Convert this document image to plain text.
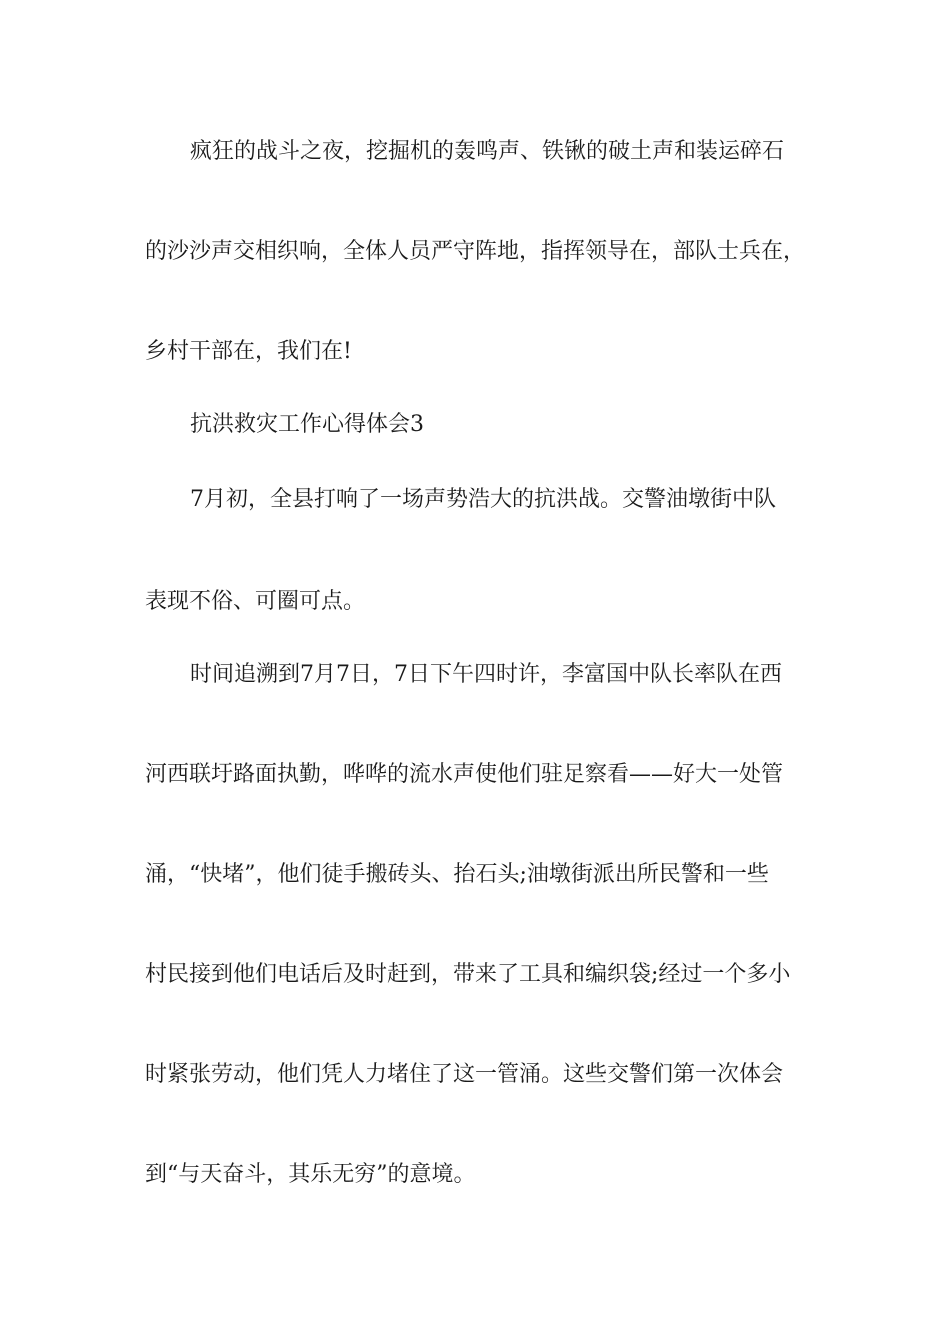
疯狂的战斗之夜，挖掘机的轰鸣声、铁锹的破土声和装运碎石
的沙沙声交相织响，全体人员严守阵地，指挥领导在，部队士兵在，
乡村干部在，我们在!
抗洪救灾工作心得体会3
7月初，全县打响了一场声势浩大的抗洪战。交警油墩街中队
表现不俗、可圈可点。
时间追溯到7月7日，7日下午四时许，李富国中队长率队在西
河西联圩路面执勤，哗哗的流水声使他们驻足察看——好大一处管
涌，“快堵”，他们徒手搬砖头、抬石头;油墩街派出所民警和一些
村民接到他们电话后及时赶到，带来了工具和编织袋;经过一个多小
时紧张劳动，他们凭人力堵住了这一管涌。这些交警们第一次体会
到“与天奋斗，其乐无穷”的意境。
